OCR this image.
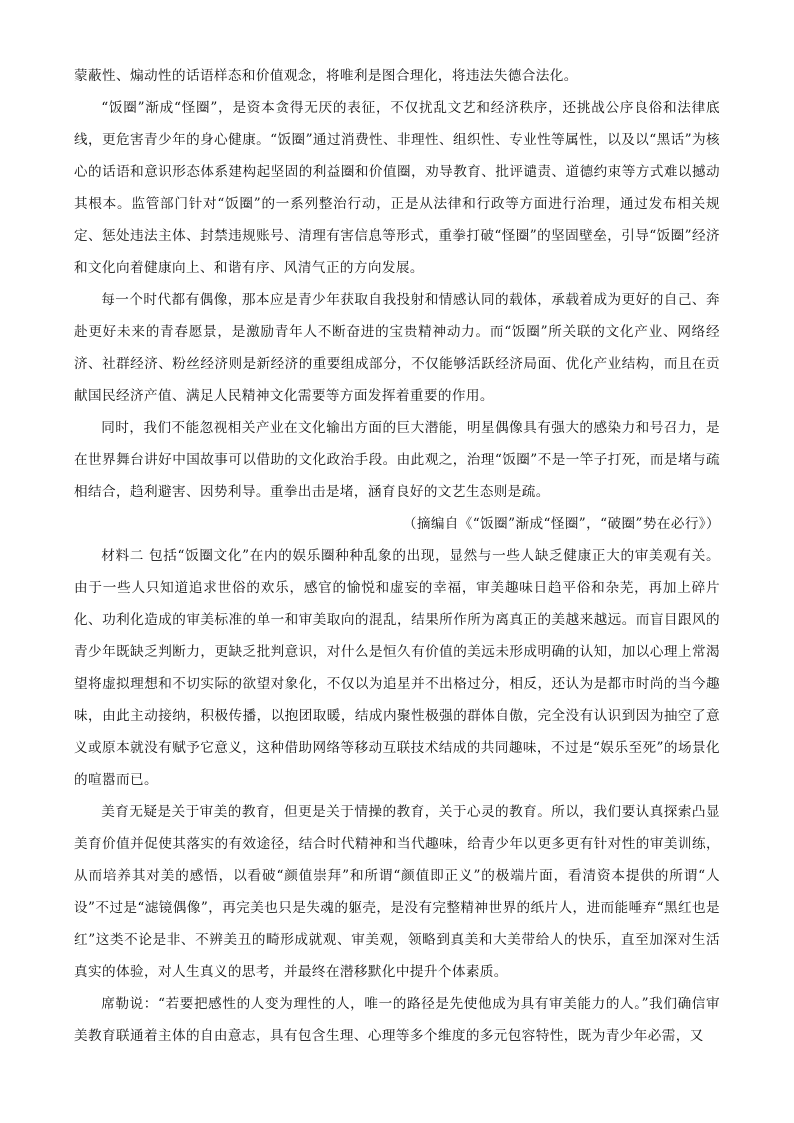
蒙蔽性、煽动性的话语样态和价值观念，将唯利是图合理化，将违法失德合法化。

“饭圈”渐成“怪圈”，是资本贪得无厌的表征，不仅扰乱文艺和经济秩序，还挑战公序良俗和法律底线，更危害青少年的身心健康。“饭圈”通过消费性、非理性、组织性、专业性等属性，以及以“黑话”为核心的话语和意识形态体系建构起坚固的利益圈和价值圈，劝导教育、批评谴责、道德约束等方式难以撼动其根本。监管部门针对“饭圈”的一系列整治行动，正是从法律和行政等方面进行治理，通过发布相关规定、惩处违法主体、封禁违规账号、清理有害信息等形式，重拳打破“怪圈”的坚固壁垒，引导“饭圈”经济和文化向着健康向上、和谐有序、风清气正的方向发展。

每一个时代都有偶像，那本应是青少年获取自我投射和情感认同的载体，承载着成为更好的自己、奔赴更好未来的青春愿景，是激励青年人不断奋进的宝贵精神动力。而“饭圈”所关联的文化产业、网络经济、社群经济、粉丝经济则是新经济的重要组成部分，不仅能够活跃经济局面、优化产业结构，而且在贡献国民经济产值、满足人民精神文化需要等方面发挥着重要的作用。

同时，我们不能忽视相关产业在文化输出方面的巨大潜能，明星偶像具有强大的感染力和号召力，是在世界舞台讲好中国故事可以借助的文化政治手段。由此观之，治理“饭圈”不是一竿子打死，而是堵与疏相结合，趋利避害、因势利导。重拳出击是堵，涵育良好的文艺生态则是疏。

（摘编自《“饭圈”渐成“怪圈”，“破圈”势在必行》）

材料二 包括“饭圈文化”在内的娱乐圈种种乱象的出现，显然与一些人缺乏健康正大的审美观有关。由于一些人只知道追求世俗的欢乐，感官的愉悦和虚妄的幸福，审美趣味日趋平俗和杂芜，再加上碎片化、功利化造成的审美标准的单一和审美取向的混乱，结果所作所为离真正的美越来越远。而盲目跟风的青少年既缺乏判断力，更缺乏批判意识，对什么是恒久有价值的美远未形成明确的认知，加以心理上常渴望将虚拟理想和不切实际的欲望对象化，不仅以为追星并不出格过分，相反，还认为是都市时尚的当今趣味，由此主动接纳，积极传播，以抱团取暖，结成内聚性极强的群体自傲，完全没有认识到因为抽空了意义或原本就没有赋予它意义，这种借助网络等移动互联技术结成的共同趣味，不过是“娱乐至死”的场景化的喧嚣而已。

美育无疑是关于审美的教育，但更是关于情操的教育，关于心灵的教育。所以，我们要认真探索凸显美育价值并促使其落实的有效途径，结合时代精神和当代趣味，给青少年以更多更有针对性的审美训练，从而培养其对美的感悟，以看破“颜值崇拜”和所谓“颜值即正义”的极端片面，看清资本提供的所谓“人设”不过是“滤镜偶像”，再完美也只是失魂的躯壳，是没有完整精神世界的纸片人，进而能唾弃“黑红也是红”这类不论是非、不辨美丑的畸形成就观、审美观，领略到真美和大美带给人的快乐，直至加深对生活真实的体验，对人生真义的思考，并最终在潜移默化中提升个体素质。

席勒说：“若要把感性的人变为理性的人，唯一的路径是先使他成为具有审美能力的人。”我们确信审美教育联通着主体的自由意志，具有包含生理、心理等多个维度的多元包容特性，既为青少年必需，又
